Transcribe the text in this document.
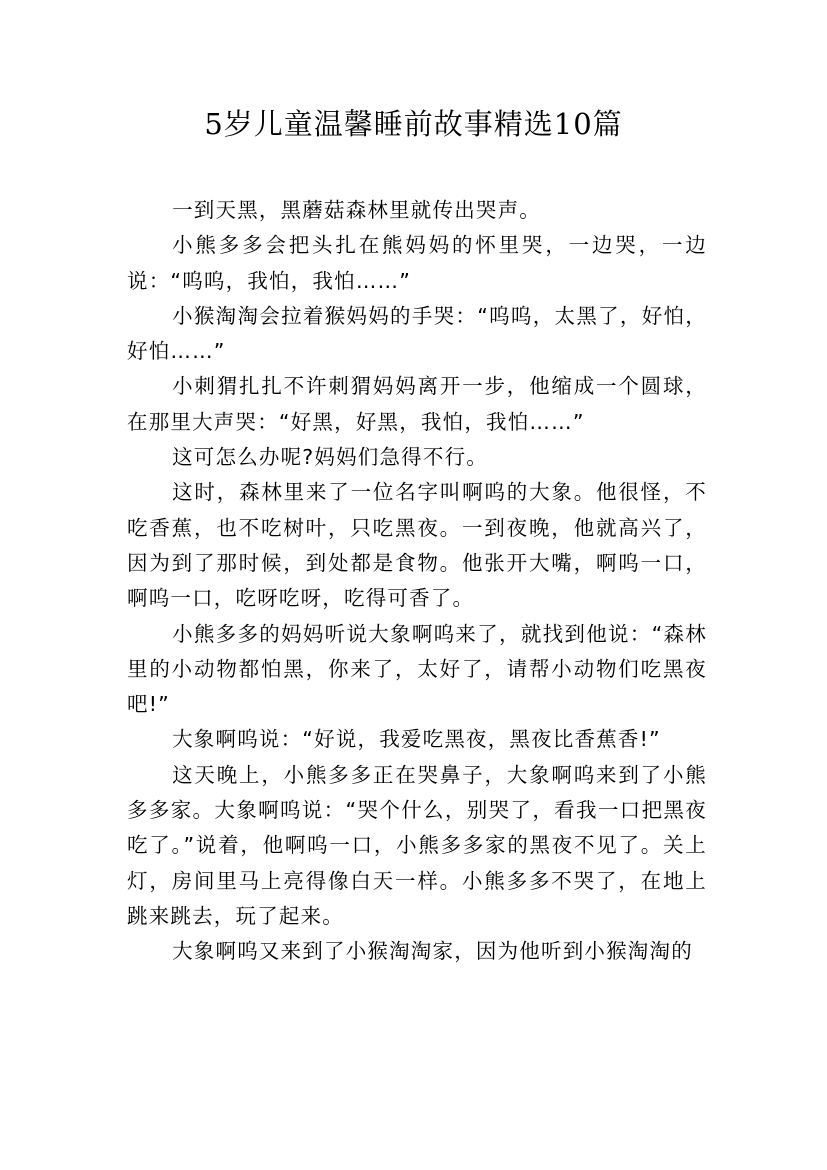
5岁儿童温馨睡前故事精选10篇

一到天黑，黑蘑菇森林里就传出哭声。

小熊多多会把头扎在熊妈妈的怀里哭，一边哭，一边说：“呜呜，我怕，我怕……”

小猴淘淘会拉着猴妈妈的手哭：“呜呜，太黑了，好怕，好怕……”

小刺猬扎扎不许刺猬妈妈离开一步，他缩成一个圆球，在那里大声哭：“好黑，好黑，我怕，我怕……”

这可怎么办呢?妈妈们急得不行。

这时，森林里来了一位名字叫啊呜的大象。他很怪，不吃香蕉，也不吃树叶，只吃黑夜。一到夜晚，他就高兴了，因为到了那时候，到处都是食物。他张开大嘴，啊呜一口，啊呜一口，吃呀吃呀，吃得可香了。

小熊多多的妈妈听说大象啊呜来了，就找到他说：“森林里的小动物都怕黑，你来了，太好了，请帮小动物们吃黑夜吧!”

大象啊呜说：“好说，我爱吃黑夜，黑夜比香蕉香!”

这天晚上，小熊多多正在哭鼻子，大象啊呜来到了小熊多多家。大象啊呜说：“哭个什么，别哭了，看我一口把黑夜吃了。”说着，他啊呜一口，小熊多多家的黑夜不见了。关上灯，房间里马上亮得像白天一样。小熊多多不哭了，在地上跳来跳去，玩了起来。

大象啊呜又来到了小猴淘淘家，因为他听到小猴淘淘的
